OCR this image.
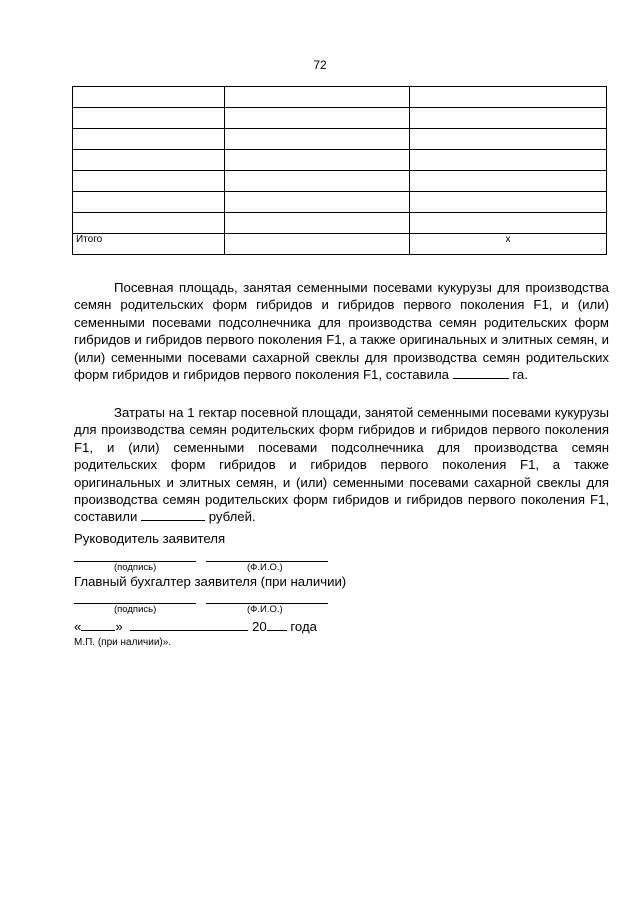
72

Итого		х

Посевная площадь, занятая семенными посевами кукурузы для производства семян родительских форм гибридов и гибридов первого поколения F1, и (или) семенными посевами подсолнечника для производства семян родительских форм гибридов и гибридов первого поколения F1, а также оригинальных и элитных семян, и (или) семенными посевами сахарной свеклы для производства семян родительских форм гибридов и гибридов первого поколения F1, составила	га.

Затраты на 1 гектар посевной площади, занятой семенными посевами кукурузы для производства семян родительских форм гибридов и гибридов первого поколения F1, и (или) семенными посевами подсолнечника для производства семян родительских форм гибридов и гибридов первого поколения F1, а также оригинальных и элитных семян, и (или) семенными посевами сахарной свеклы для производства семян родительских форм гибридов и гибридов первого поколения F1, составили	рублей.

Руководитель заявителя
(подпись)	(Ф.И.О.)
Главный бухгалтер заявителя (при наличии)
(подпись)	(Ф.И.О.)
«	»	20 года
М.П. (при наличии)».
